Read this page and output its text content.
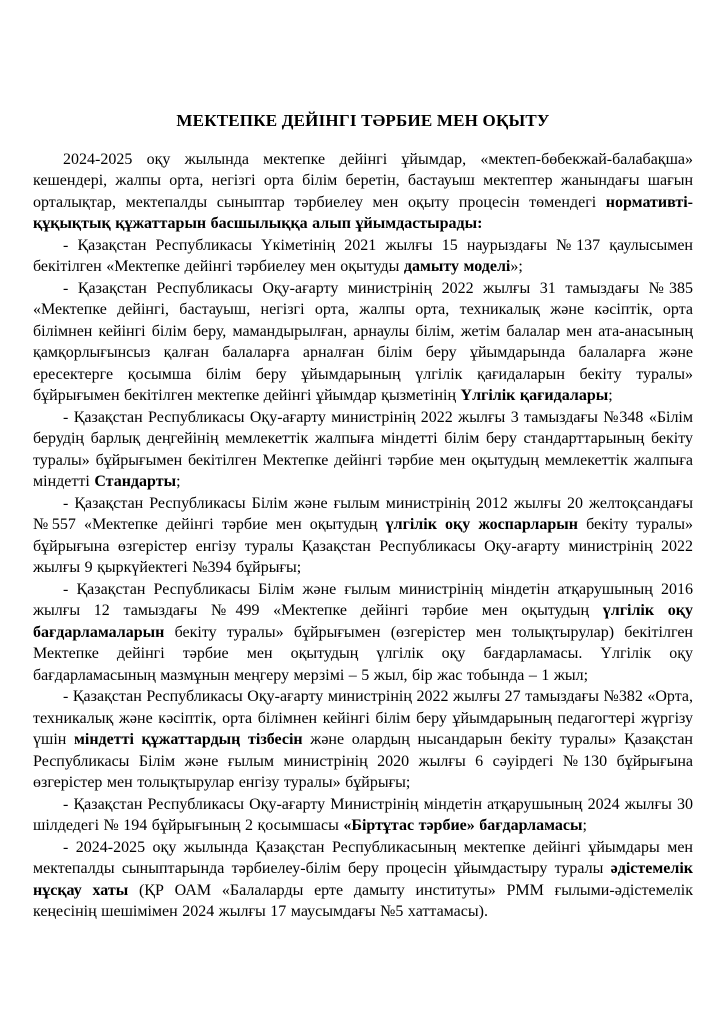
МЕКТЕПКЕ ДЕЙІНГІ ТӘРБИЕ МЕН ОҚЫТУ

2024-2025 оқу жылында мектепке дейінгі ұйымдар, «мектеп-бөбекжай-балабақша» кешендері, жалпы орта, негізгі орта білім беретін, бастауыш мектептер жанындағы шағын орталықтар, мектепалды сыныптар тәрбиелеу мен оқыту процесін төмендегі нормативті-құқықтық құжаттарын басшылыққа алып ұйымдастырады:

- Қазақстан Республикасы Үкіметінің 2021 жылғы 15 наурыздағы №137 қаулысымен бекітілген «Мектепке дейінгі тәрбиелеу мен оқытуды дамыту моделі»;

- Қазақстан Республикасы Оқу-ағарту министрінің 2022 жылғы 31 тамыздағы №385 «Мектепке дейінгі, бастауыш, негізгі орта, жалпы орта, техникалық және кәсіптік, орта білімнен кейінгі білім беру, мамандырылған, арнаулы білім, жетім балалар мен ата-анасының қамқорлығынсыз қалған балаларға арналған білім беру ұйымдарында балаларға және ересектерге қосымша білім беру ұйымдарының үлгілік қағидаларын бекіту туралы» бұйрығымен бекітілген мектепке дейінгі ұйымдар қызметінің Үлгілік қағидалары;

- Қазақстан Республикасы Оқу-ағарту министрінің 2022 жылғы 3 тамыздағы №348 «Білім берудің барлық деңгейінің мемлекеттік жалпыға міндетті білім беру стандарттарының бекіту туралы» бұйрығымен бекітілген Мектепке дейінгі тәрбие мен оқытудың мемлекеттік жалпыға міндетті Стандарты;

- Қазақстан Республикасы Білім және ғылым министрінің 2012 жылғы 20 желтоқсандағы №557 «Мектепке дейінгі тәрбие мен оқытудың үлгілік оқу жоспарларын бекіту туралы» бұйрығына өзгерістер енгізу туралы Қазақстан Республикасы Оқу-ағарту министрінің 2022 жылғы 9 қыркүйектегі №394 бұйрығы;

- Қазақстан Республикасы Білім және ғылым министрінің міндетін атқарушының 2016 жылғы 12 тамыздағы №499 «Мектепке дейінгі тәрбие мен оқытудың үлгілік оқу бағдарламаларын бекіту туралы» бұйрығымен (өзгерістер мен толықтырулар) бекітілген Мектепке дейінгі тәрбие мен оқытудың үлгілік оқу бағдарламасы. Үлгілік оқу бағдарламасының мазмұнын меңгеру мерзімі – 5 жыл, бір жас тобында – 1 жыл;

- Қазақстан Республикасы Оқу-ағарту министрінің 2022 жылғы 27 тамыздағы №382 «Орта, техникалық және кәсіптік, орта білімнен кейінгі білім беру ұйымдарының педагогтері жүргізу үшін міндетті құжаттардың тізбесін және олардың нысандарын бекіту туралы» Қазақстан Республикасы Білім және ғылым министрінің 2020 жылғы 6 сәуірдегі №130 бұйрығына өзгерістер мен толықтырулар енгізу туралы» бұйрығы;

- Қазақстан Республикасы Оқу-ағарту Министрінің міндетін атқарушының 2024 жылғы 30 шілдедегі № 194 бұйрығының 2 қосымшасы «Біртұтас тәрбие» бағдарламасы;

- 2024-2025 оқу жылында Қазақстан Республикасының мектепке дейінгі ұйымдары мен мектепалды сыныптарында тәрбиелеу-білім беру процесін ұйымдастыру туралы әдістемелік нұсқау хаты (ҚР ОАМ «Балаларды ерте дамыту институты» РММ ғылыми-әдістемелік кеңесінің шешімімен 2024 жылғы 17 маусымдағы №5 хаттамасы).
